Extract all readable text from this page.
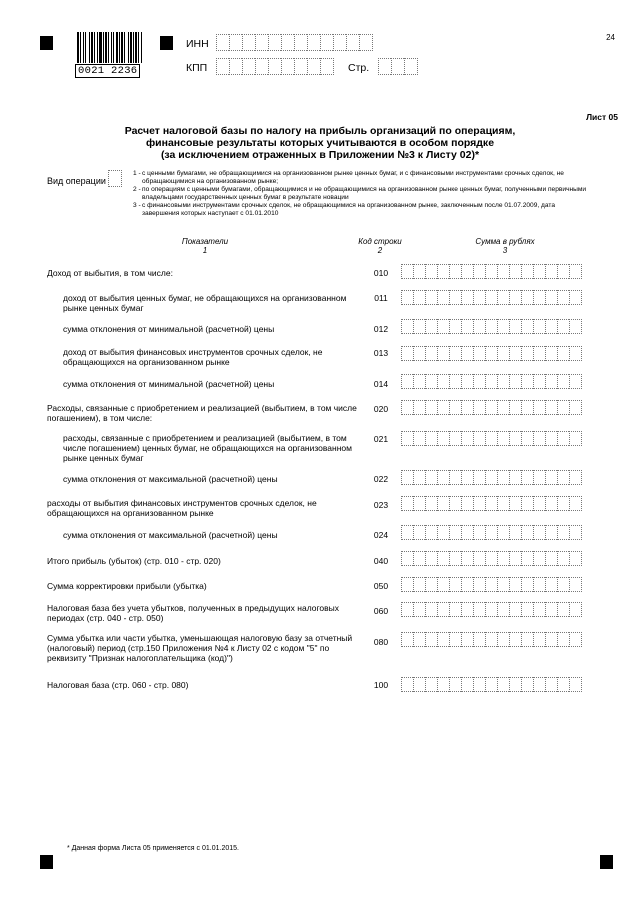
0021 2236
ИНН
КПП	Стр.
24
Лист 05
Расчет налоговой базы по налогу на прибыль организаций по операциям,
финансовые результаты которых учитываются в особом порядке
(за исключением отраженных в Приложении №3 к Листу 02)*
Вид операции
1 - с ценными бумагами, не обращающимися на организованном рынке ценных бумаг, и с финансовыми инструментами срочных сделок, не обращающимися на организованном рынке;
2 - по операциям с ценными бумагами, обращающимися и не обращающимися на организованном рынке ценных бумаг, полученными первичными владельцами государственных ценных бумаг в результате новации
3 - с финансовыми инструментами срочных сделок, не обращающимися на организованном рынке, заключенным после 01.07.2009, дата завершения которых наступает с 01.01.2010
Показатели
1
Код строки
2
Сумма в рублях
3
Доход от выбытия, в том числе:	010
доход от выбытия ценных бумаг, не обращающихся на организованном рынке ценных бумаг
011
сумма отклонения от минимальной (расчетной) цены	012
доход от выбытия финансовых инструментов срочных сделок, не обращающихся на организованном рынке
013
сумма отклонения от минимальной (расчетной) цены	014
Расходы, связанные с приобретением и реализацией (выбытием, в том числе погашением), в том числе:
020
расходы, связанные с приобретением и реализацией (выбытием, в том числе погашением) ценных бумаг, не обращающихся на организованном рынке ценных бумаг
021
сумма отклонения от максимальной (расчетной) цены	022
расходы от выбытия финансовых инструментов срочных сделок, не обращающихся на организованном рынке
023
сумма отклонения от максимальной (расчетной) цены	024
Итого прибыль (убыток) (стр. 010 - стр. 020)	040
Сумма корректировки прибыли (убытка)	050
Налоговая база без учета убытков, полученных в предыдущих налоговых периодах (стр. 040 - стр. 050)
060
Сумма убытка или части убытка, уменьшающая налоговую базу за отчетный (налоговый) период (стр.150 Приложения №4 к Листу 02 с кодом "5" по реквизиту "Признак налогоплательщика (код)")
080
Налоговая база (стр. 060 - стр. 080)	100
* Данная форма Листа 05 применяется с 01.01.2015.
